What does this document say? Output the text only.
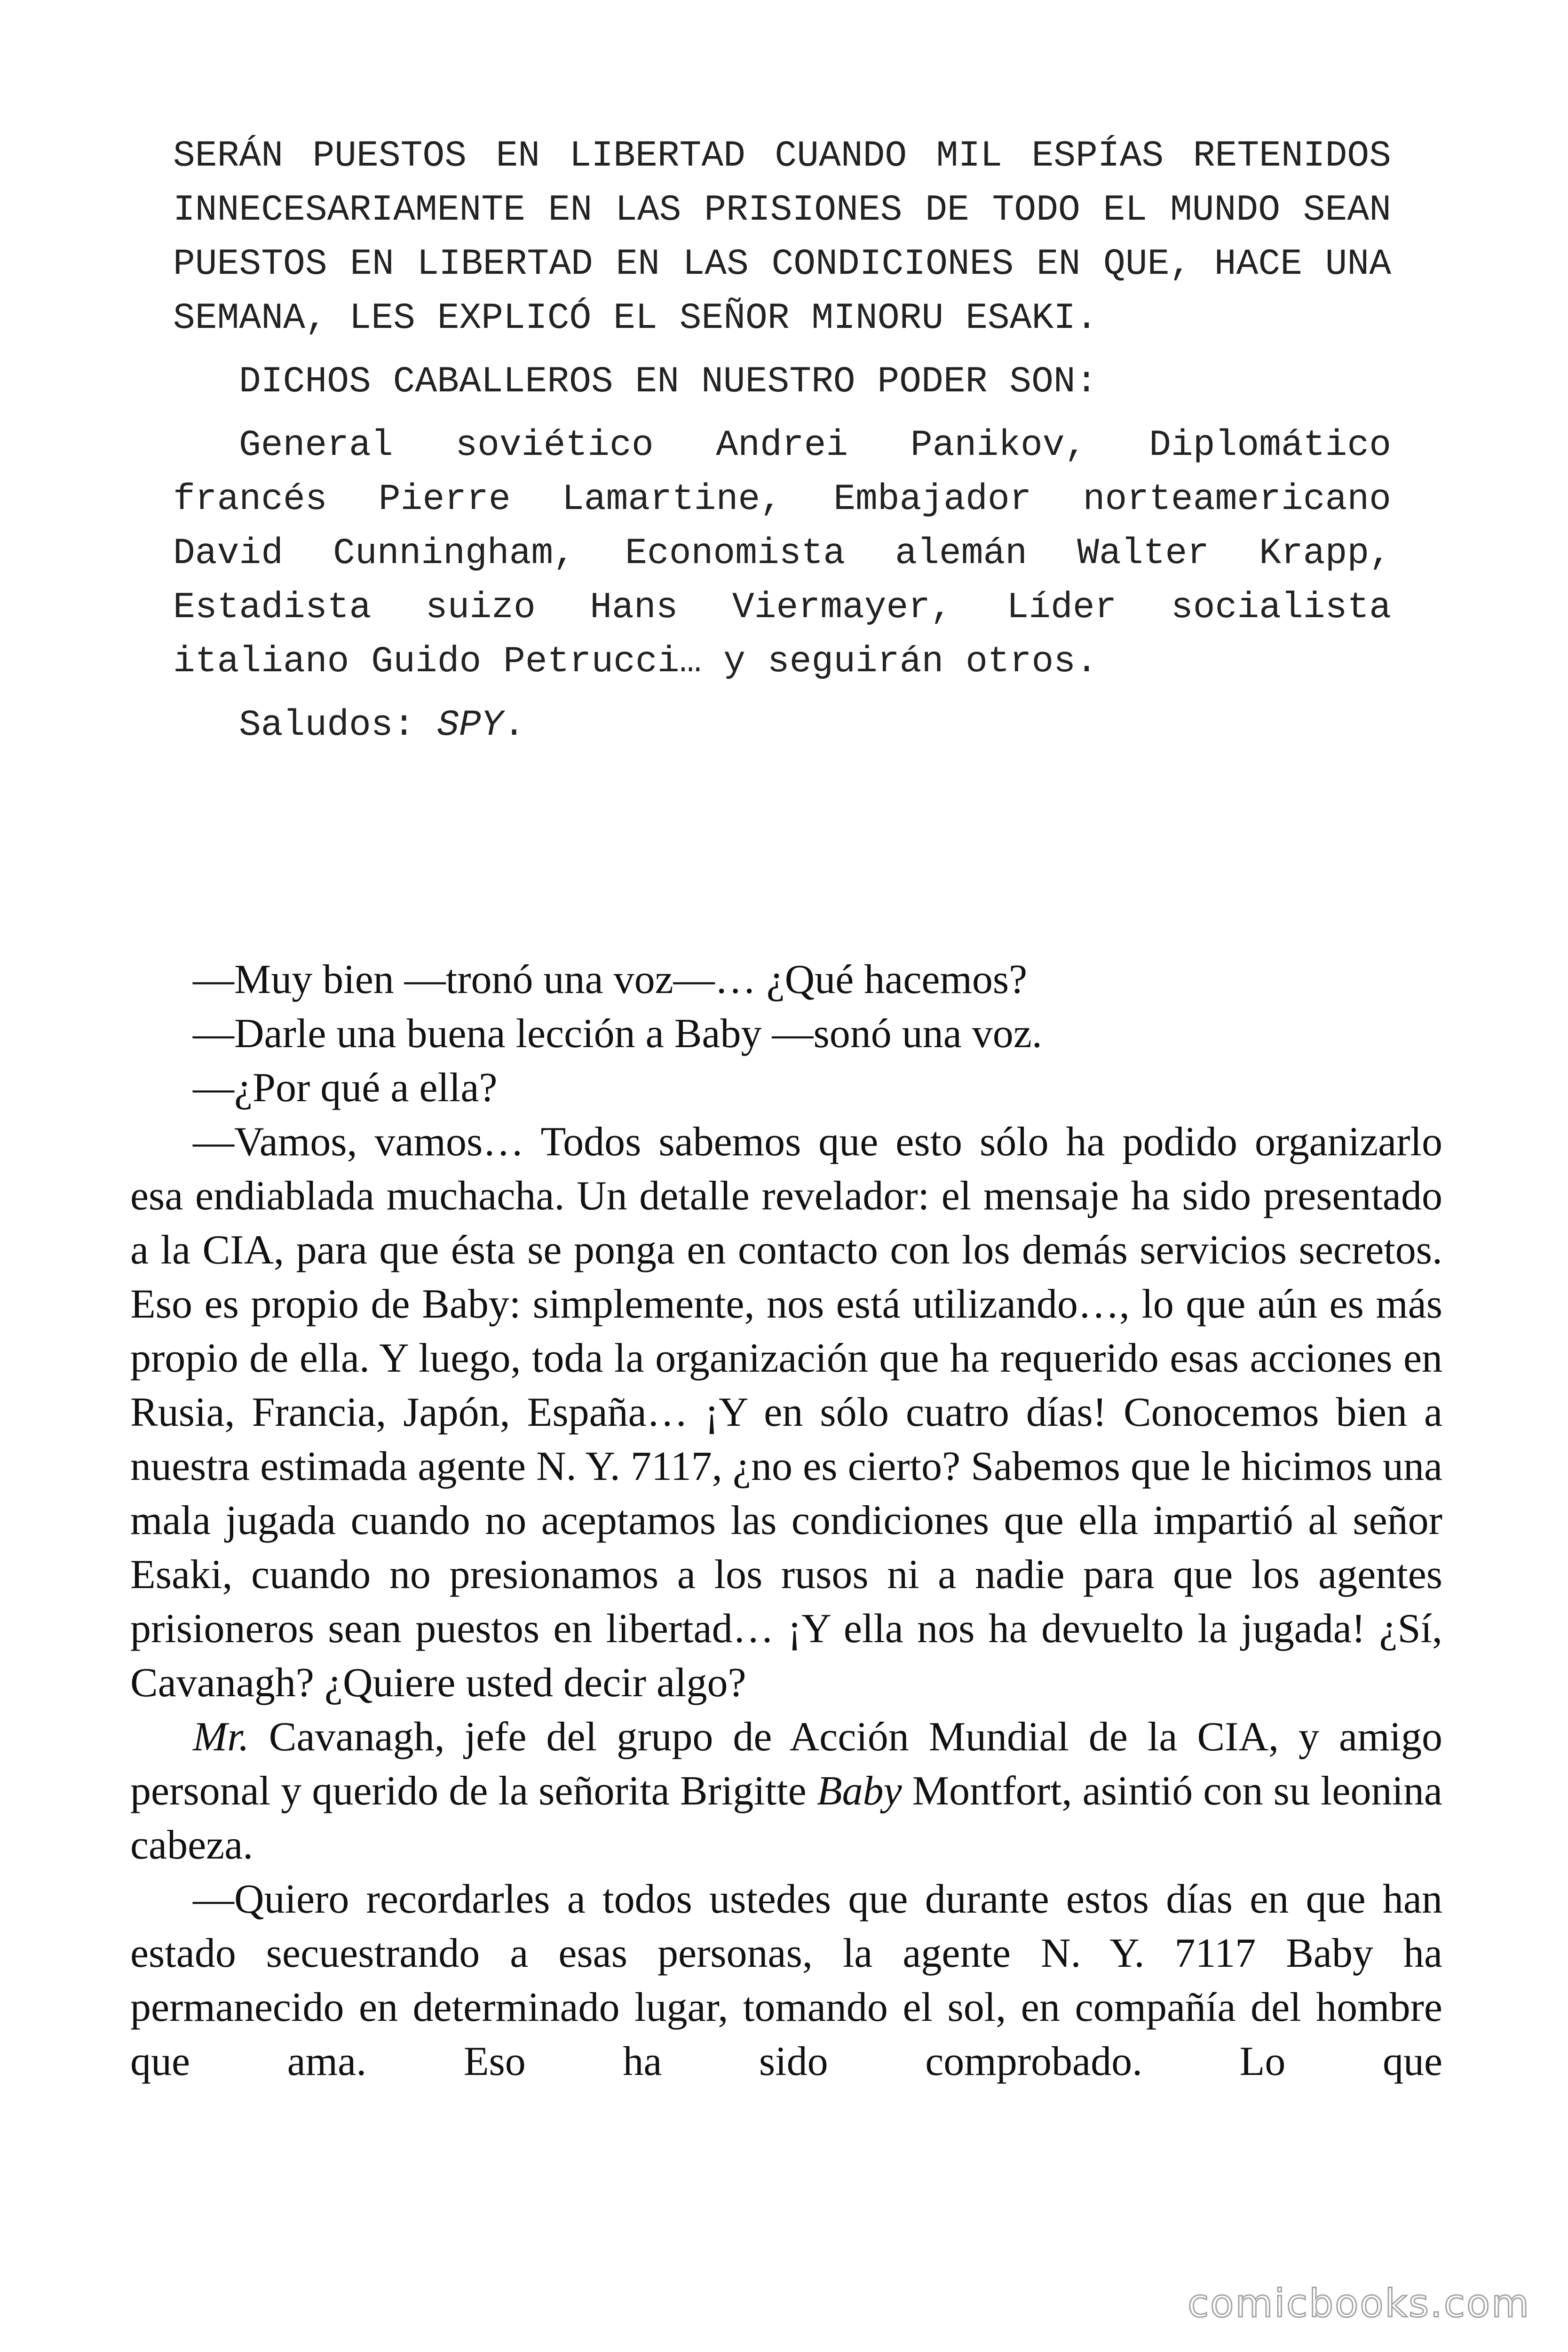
SERÁN PUESTOS EN LIBERTAD CUANDO MIL ESPÍAS RETENIDOS INNECESARIAMENTE EN LAS PRISIONES DE TODO EL MUNDO SEAN PUESTOS EN LIBERTAD EN LAS CONDICIONES EN QUE, HACE UNA SEMANA, LES EXPLICÓ EL SEÑOR MINORU ESAKI.

DICHOS CABALLEROS EN NUESTRO PODER SON:

General soviético Andrei Panikov, Diplomático francés Pierre Lamartine, Embajador norteamericano David Cunningham, Economista alemán Walter Krapp, Estadista suizo Hans Viermayer, Líder socialista italiano Guido Petrucci… y seguirán otros.

Saludos: SPY.

—Muy bien —tronó una voz—… ¿Qué hacemos?

—Darle una buena lección a Baby —sonó una voz.

—¿Por qué a ella?

—Vamos, vamos… Todos sabemos que esto sólo ha podido organizarlo esa endiablada muchacha. Un detalle revelador: el mensaje ha sido presentado a la CIA, para que ésta se ponga en contacto con los demás servicios secretos. Eso es propio de Baby: simplemente, nos está utilizando…, lo que aún es más propio de ella. Y luego, toda la organización que ha requerido esas acciones en Rusia, Francia, Japón, España… ¡Y en sólo cuatro días! Conocemos bien a nuestra estimada agente N. Y. 7117, ¿no es cierto? Sabemos que le hicimos una mala jugada cuando no aceptamos las condiciones que ella impartió al señor Esaki, cuando no presionamos a los rusos ni a nadie para que los agentes prisioneros sean puestos en libertad… ¡Y ella nos ha devuelto la jugada! ¿Sí, Cavanagh? ¿Quiere usted decir algo?

Mr. Cavanagh, jefe del grupo de Acción Mundial de la CIA, y amigo personal y querido de la señorita Brigitte Baby Montfort, asintió con su leonina cabeza.

—Quiero recordarles a todos ustedes que durante estos días en que han estado secuestrando a esas personas, la agente N. Y. 7117 Baby ha permanecido en determinado lugar, tomando el sol, en compañía del hombre que ama. Eso ha sido comprobado. Lo que

comicbooks.com
